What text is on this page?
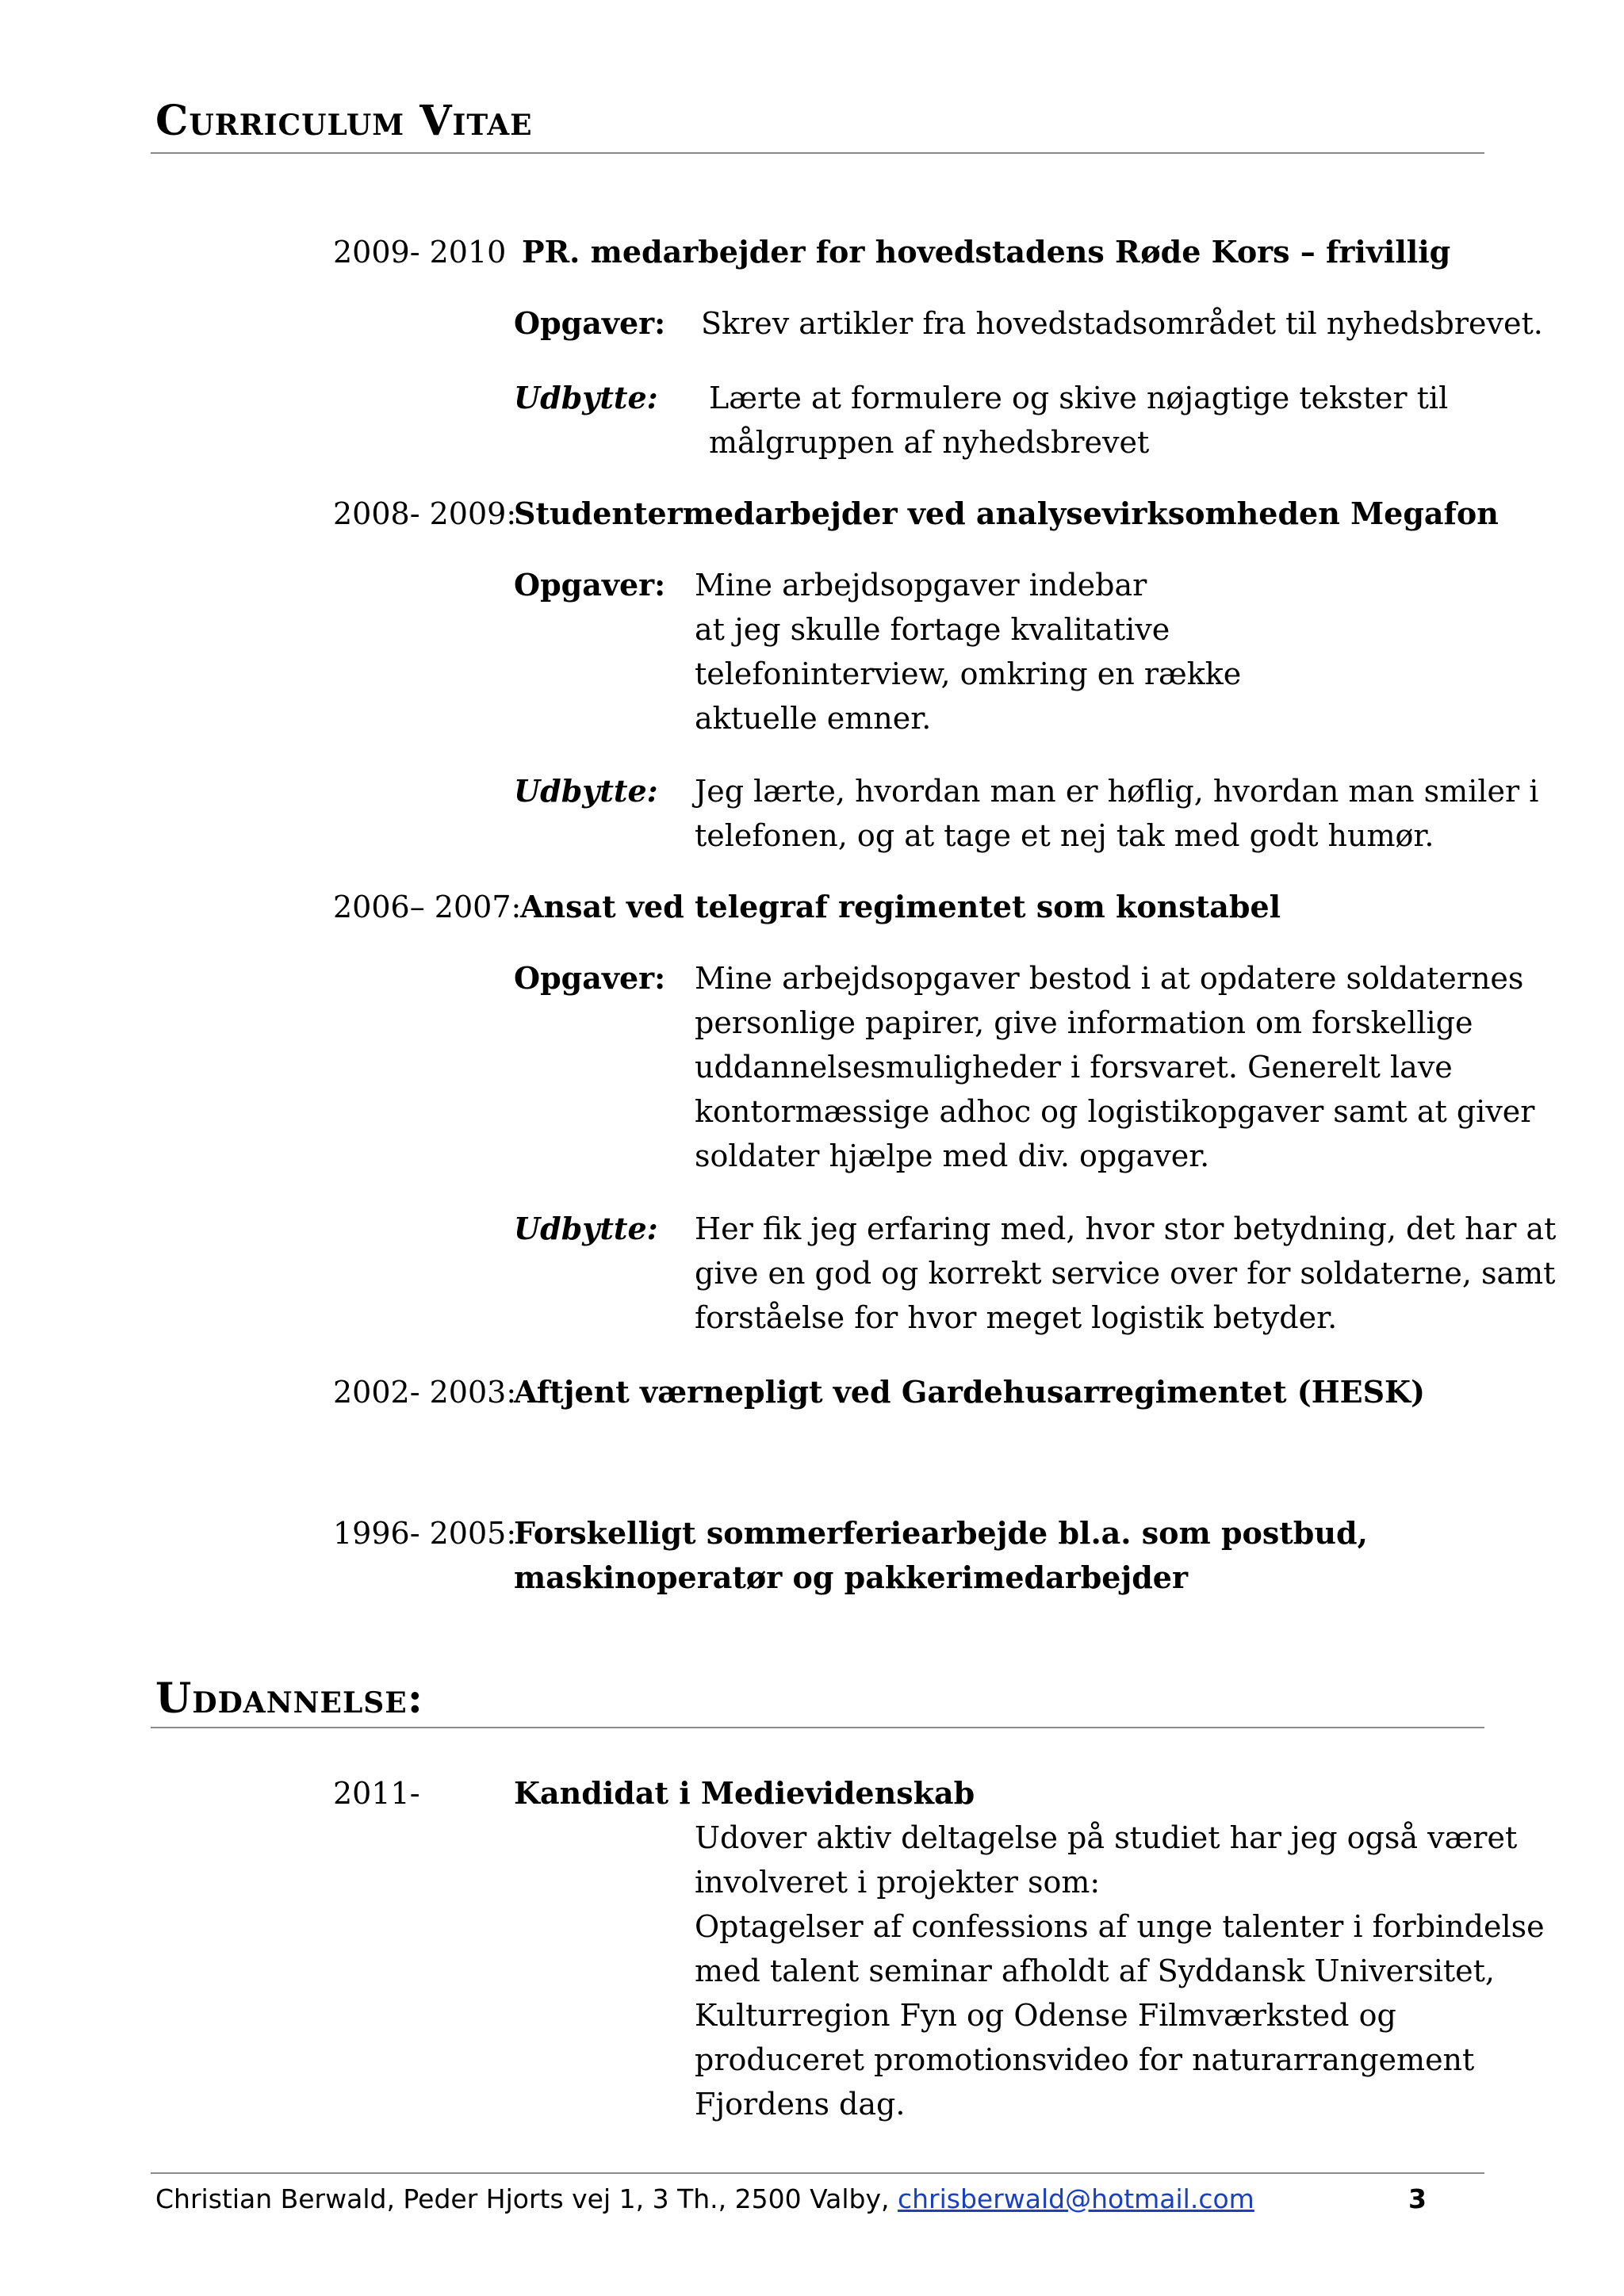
Curriculum Vitae
2009- 2010 PR. medarbejder for hovedstadens Røde Kors – frivillig
Opgaver: Skrev artikler fra hovedstadsområdet til nyhedsbrevet.
Udbytte: Lærte at formulere og skive nøjagtige tekster til
målgruppen af nyhedsbrevet
2008- 2009:
Studentermedarbejder ved analysevirksomheden Megafon
Opgaver: Mine arbejdsopgaver indebar
at jeg skulle fortage kvalitative
telefoninterview, omkring en række
aktuelle emner.
Udbytte: Jeg lærte, hvordan man er høflig, hvordan man smiler i
telefonen, og at tage et nej tak med godt humør.
2006– 2007:
Ansat ved telegraf regimentet som konstabel
Opgaver: Mine arbejdsopgaver bestod i at opdatere soldaternes
personlige papirer, give information om forskellige
uddannelsesmuligheder i forsvaret. Generelt lave
kontormæssige adhoc og logistikopgaver samt at giver
soldater hjælpe med div. opgaver.
Udbytte: Her fik jeg erfaring med, hvor stor betydning, det har at
give en god og korrekt service over for soldaterne, samt
forståelse for hvor meget logistik betyder.
2002- 2003:
Aftjent værnepligt ved Gardehusarregimentet (HESK)
1996- 2005:
Forskelligt sommerferiearbejde bl.a. som postbud,
maskinoperatør og pakkerimedarbejder
Uddannelse:
2011-	Kandidat i Medievidenskab
Udover aktiv deltagelse på studiet har jeg også været
involveret i projekter som:
Optagelser af confessions af unge talenter i forbindelse
med talent seminar afholdt af Syddansk Universitet,
Kulturregion Fyn og Odense Filmværksted og
produceret promotionsvideo for naturarrangement
Fjordens dag.
Christian Berwald, Peder Hjorts vej 1, 3 Th., 2500 Valby, chrisberwald@hotmail.com	3
